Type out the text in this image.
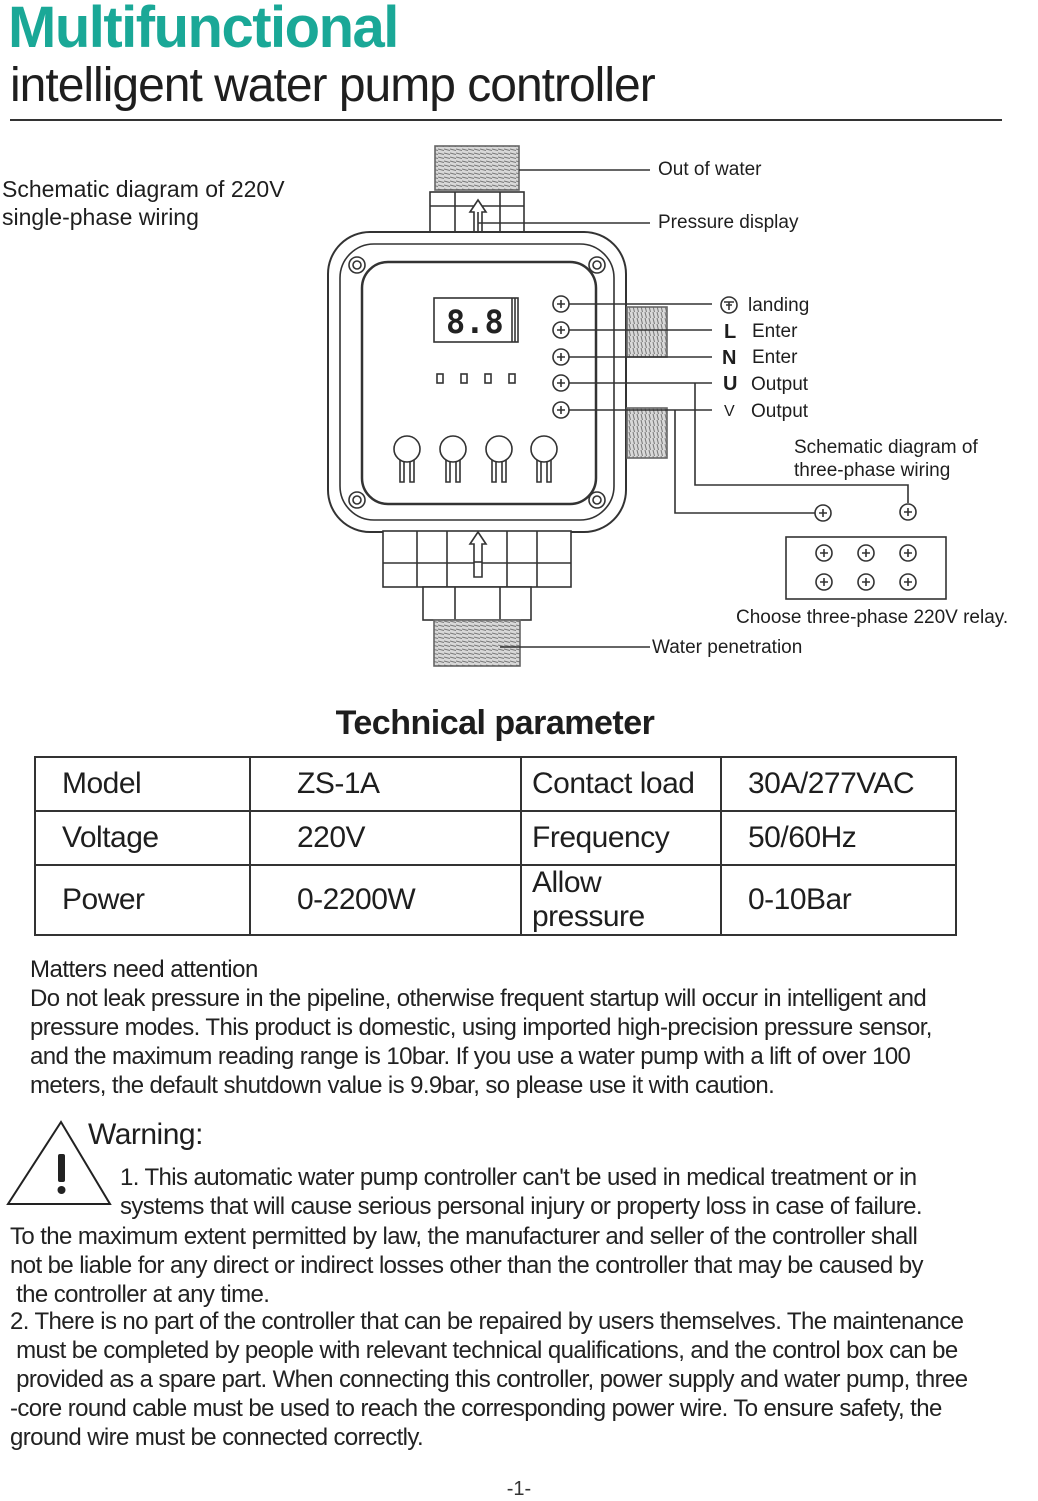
Multifunctional
intelligent water pump controller
Schematic diagram of 220V
single-phase wiring
8.8
Out of water
Pressure display
landing
L Enter
N Enter
U Output
V Output
Schematic diagram of
three-phase wiring
Choose three-phase 220V relay.
Water penetration
Technical parameter
Model	ZS-1A	Contact load	30A/277VAC
Voltage	220V	Frequency	50/60Hz
Power	0-2200W	Allow pressure	0-10Bar
Matters need attention
Do not leak pressure in the pipeline, otherwise frequent startup will occur in intelligent and
pressure modes. This product is domestic, using imported high-precision pressure sensor,
and the maximum reading range is 10bar. If you use a water pump with a lift of over 100
meters, the default shutdown value is 9.9bar, so please use it with caution.
Warning:
1. This automatic water pump controller can't be used in medical treatment or in
systems that will cause serious personal injury or property loss in case of failure.
To the maximum extent permitted by law, the manufacturer and seller of the controller shall
not be liable for any direct or indirect losses other than the controller that may be caused by
the controller at any time.
2. There is no part of the controller that can be repaired by users themselves. The maintenance
must be completed by people with relevant technical qualifications, and the control box can be
provided as a spare part. When connecting this controller, power supply and water pump, three
-core round cable must be used to reach the corresponding power wire. To ensure safety, the
ground wire must be connected correctly.
-1-
